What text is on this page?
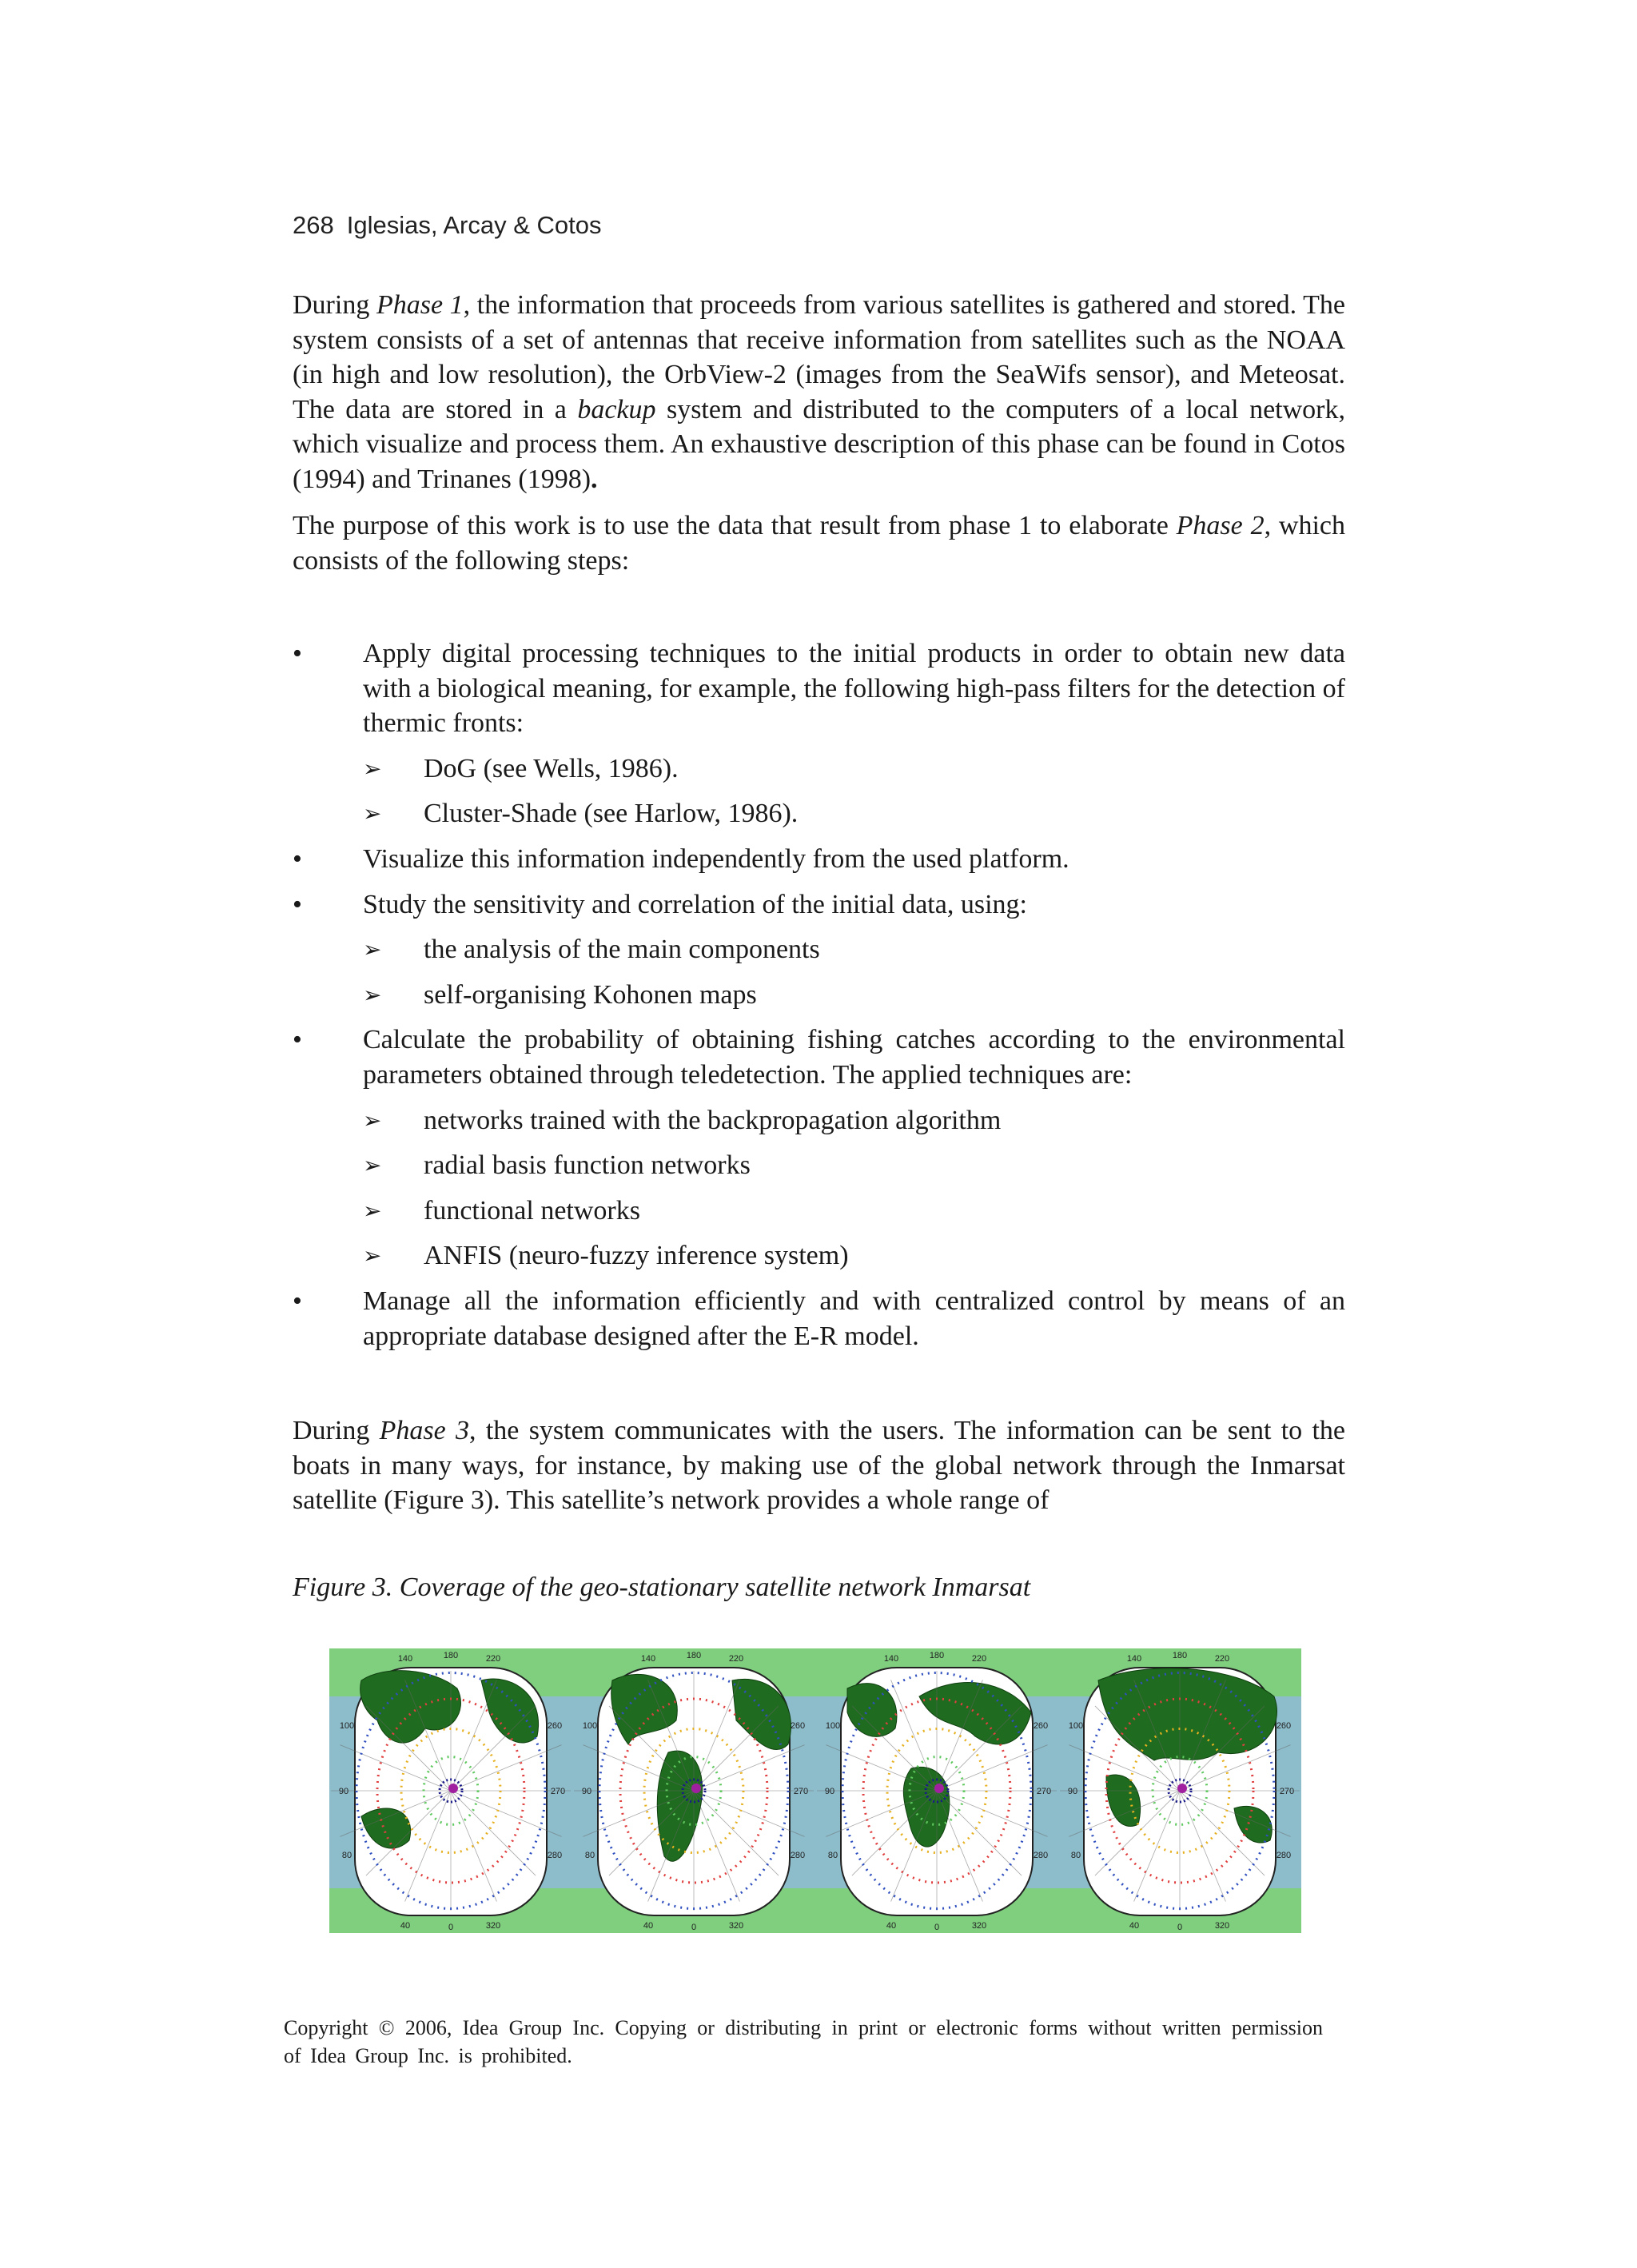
268 Iglesias, Arcay & Cotos

During Phase 1, the information that proceeds from various satellites is gathered and stored. The system consists of a set of antennas that receive information from satellites such as the NOAA (in high and low resolution), the OrbView-2 (images from the SeaWifs sensor), and Meteosat. The data are stored in a backup system and distributed to the computers of a local network, which visualize and process them. An exhaustive description of this phase can be found in Cotos (1994) and Trinanes (1998).

The purpose of this work is to use the data that result from phase 1 to elaborate Phase 2, which consists of the following steps:

• Apply digital processing techniques to the initial products in order to obtain new data with a biological meaning, for example, the following high-pass filters for the detection of thermic fronts:
➢ DoG (see Wells, 1986).
➢ Cluster-Shade (see Harlow, 1986).
• Visualize this information independently from the used platform.
• Study the sensitivity and correlation of the initial data, using:
➢ the analysis of the main components
➢ self-organising Kohonen maps
• Calculate the probability of obtaining fishing catches according to the environmental parameters obtained through teledetection. The applied techniques are:
➢ networks trained with the backpropagation algorithm
➢ radial basis function networks
➢ functional networks
➢ ANFIS (neuro-fuzzy inference system)
• Manage all the information efficiently and with centralized control by means of an appropriate database designed after the E-R model.

During Phase 3, the system communicates with the users. The information can be sent to the boats in many ways, for instance, by making use of the global network through the Inmarsat satellite (Figure 3). This satellite’s network provides a whole range of

Figure 3. Coverage of the geo-stationary satellite network Inmarsat
140	180	220
100
90
80
260
270
280
40	0	320
140	180	220
100
90
80
260
270
280
40	0	320
140	180	220
100
90
80
260
270
280
40	0	320
140	180	220
100
90
80
260
270
280
40	0	320
Copyright © 2006, Idea Group Inc. Copying or distributing in print or electronic forms without written permission of Idea Group Inc. is prohibited.
